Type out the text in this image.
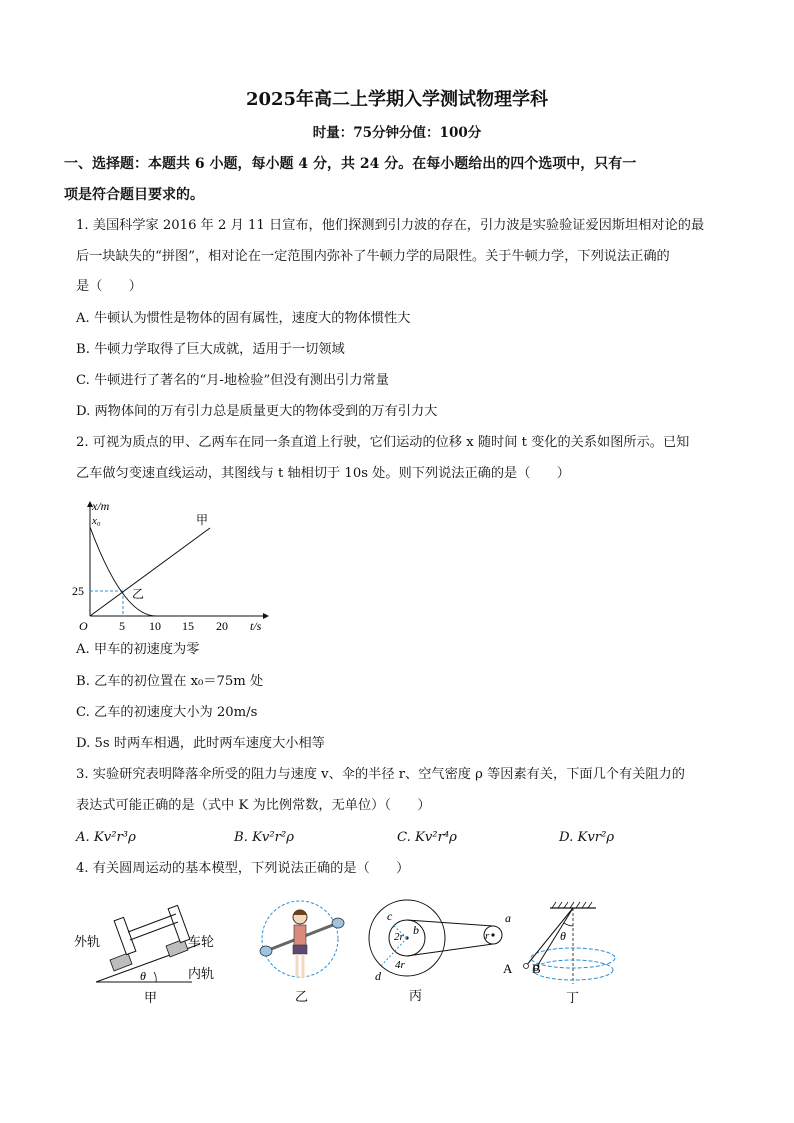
2025年高二上学期入学测试物理学科
时量：75分钟分值：100分
一、选择题：本题共 6 小题，每小题 4 分，共 24 分。在每小题给出的四个选项中，只有一
项是符合题目要求的。
1. 美国科学家 2016 年 2 月 11 日宣布，他们探测到引力波的存在，引力波是实验验证爱因斯坦相对论的最
后一块缺失的“拼图”，相对论在一定范围内弥补了牛顿力学的局限性。关于牛顿力学，下列说法正确的
是（　　）
A. 牛顿认为惯性是物体的固有属性，速度大的物体惯性大
B. 牛顿力学取得了巨大成就，适用于一切领域
C. 牛顿进行了著名的“月-地检验”但没有测出引力常量
D. 两物体间的万有引力总是质量更大的物体受到的万有引力大
2. 可视为质点的甲、乙两车在同一条直道上行驶，它们运动的位移 x 随时间 t 变化的关系如图所示。已知
乙车做匀变速直线运动，其图线与 t 轴相切于 10s 处。则下列说法正确的是（　　）
x/m
x₀
25
O	5 10 15 20 t/s
甲
乙
A. 甲车的初速度为零
B. 乙车的初位置在 x₀＝75m 处
C. 乙车的初速度大小为 20m/s
D. 5s 时两车相遇，此时两车速度大小相等
3. 实验研究表明降落伞所受的阻力与速度 v、伞的半径 r、空气密度 ρ 等因素有关，下面几个有关阻力的
表达式可能正确的是（式中 K 为比例常数，无单位）（　　）
A. Kv²r³ρ	B. Kv²r²ρ	C. Kv²r⁴ρ	D. Kvr²ρ
4. 有关圆周运动的基本模型，下列说法正确的是（　　）
外轨	车轮
内轨
θ
甲	乙
c
2r b
4r
d
r
a
丙
θ
A B
丁
